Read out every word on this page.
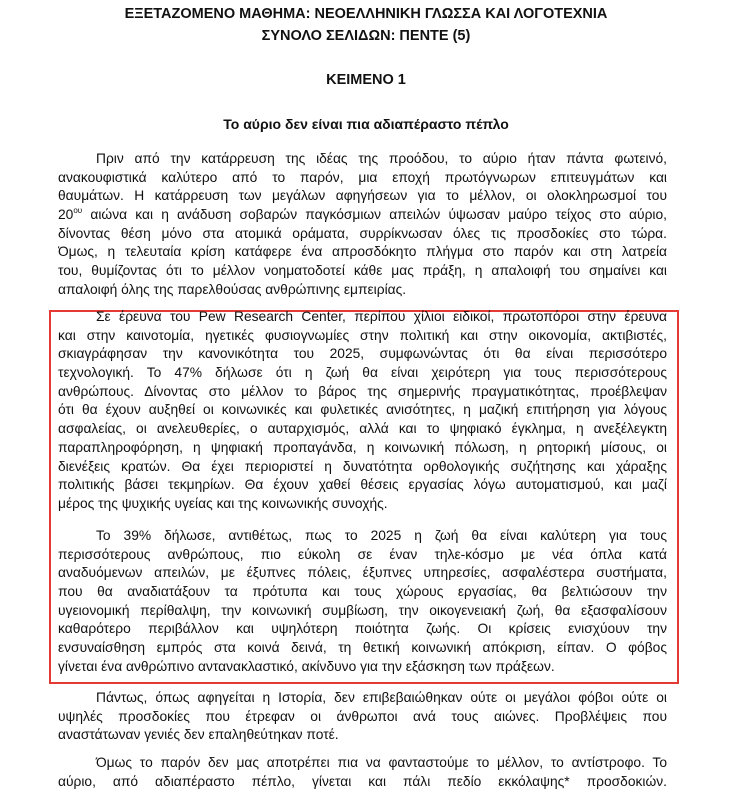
ΕΞΕΤΑΖΟΜΕΝΟ ΜΑΘΗΜΑ: ΝΕΟΕΛΛΗΝΙΚΗ ΓΛΩΣΣΑ ΚΑΙ ΛΟΓΟΤΕΧΝΙΑ
ΣΥΝΟΛΟ ΣΕΛΙΔΩΝ: ΠΕΝΤΕ (5)
ΚΕΙΜΕΝΟ 1
Το αύριο δεν είναι πια αδιαπέραστο πέπλο
Πριν από την κατάρρευση της ιδέας της προόδου, το αύριο ήταν πάντα φωτεινό,
ανακουφιστικά καλύτερο από το παρόν, μια εποχή πρωτόγνωρων επιτευγμάτων και
θαυμάτων. Η κατάρρευση των μεγάλων αφηγήσεων για το μέλλον, οι ολοκληρωσμοί του
$20^{o\upsilon}$ αιώνα και η ανάδυση σοβαρών παγκόσμιων απειλών ύψωσαν μαύρο τείχος στο αύριο,
δίνοντας θέση μόνο στα ατομικά οράματα, συρρίκνωσαν όλες τις προσδοκίες στο τώρα.
Όμως, η τελευταία κρίση κατάφερε ένα απροσδόκητο πλήγμα στο παρόν και στη λατρεία
του, θυμίζοντας ότι το μέλλον νοηματοδοτεί κάθε μας πράξη, η απαλοιφή του σημαίνει και
απαλοιφή όλης της παρελθούσας ανθρώπινης εμπειρίας.
Σε έρευνα του Pew Research Center, περίπου χίλιοι ειδικοί, πρωτοπόροι στην έρευνα
και στην καινοτομία, ηγετικές φυσιογνωμίες στην πολιτική και στην οικονομία, ακτιβιστές,
σκιαγράφησαν την κανονικότητα του 2025, συμφωνώντας ότι θα είναι περισσότερο
τεχνολογική. Το 47% δήλωσε ότι η ζωή θα είναι χειρότερη για τους περισσότερους
ανθρώπους. Δίνοντας στο μέλλον το βάρος της σημερινής πραγματικότητας, προέβλεψαν
ότι θα έχουν αυξηθεί οι κοινωνικές και φυλετικές ανισότητες, η μαζική επιτήρηση για λόγους
ασφαλείας, οι ανελευθερίες, ο αυταρχισμός, αλλά και το ψηφιακό έγκλημα, η ανεξέλεγκτη
παραπληροφόρηση, η ψηφιακή προπαγάνδα, η κοινωνική πόλωση, η ρητορική μίσους, οι
διενέξεις κρατών. Θα έχει περιοριστεί η δυνατότητα ορθολογικής συζήτησης και χάραξης
πολιτικής βάσει τεκμηρίων. Θα έχουν χαθεί θέσεις εργασίας λόγω αυτοματισμού, και μαζί
μέρος της ψυχικής υγείας και της κοινωνικής συνοχής.
Το 39% δήλωσε, αντιθέτως, πως το 2025 η ζωή θα είναι καλύτερη για τους
περισσότερους ανθρώπους, πιο εύκολη σε έναν τηλε-κόσμο με νέα όπλα κατά
αναδυόμενων απειλών, με έξυπνες πόλεις, έξυπνες υπηρεσίες, ασφαλέστερα συστήματα,
που θα αναδιατάξουν τα πρότυπα και τους χώρους εργασίας, θα βελτιώσουν την
υγειονομική περίθαλψη, την κοινωνική συμβίωση, την οικογενειακή ζωή, θα εξασφαλίσουν
καθαρότερο περιβάλλον και υψηλότερη ποιότητα ζωής. Οι κρίσεις ενισχύουν την
ενσυναίσθηση εμπρός στα κοινά δεινά, τη θετική κοινωνική απόκριση, είπαν. Ο φόβος
γίνεται ένα ανθρώπινο αντανακλαστικό, ακίνδυνο για την εξάσκηση των πράξεων.
Πάντως, όπως αφηγείται η Ιστορία, δεν επιβεβαιώθηκαν ούτε οι μεγάλοι φόβοι ούτε οι
υψηλές προσδοκίες που έτρεφαν οι άνθρωποι ανά τους αιώνες. Προβλέψεις που
αναστάτωναν γενιές δεν επαληθεύτηκαν ποτέ.
Όμως το παρόν δεν μας αποτρέπει πια να φανταστούμε το μέλλον, το αντίστροφο. Το
αύριο, από αδιαπέραστο πέπλο, γίνεται και πάλι πεδίο εκκόλαψης* προσδοκιών.
